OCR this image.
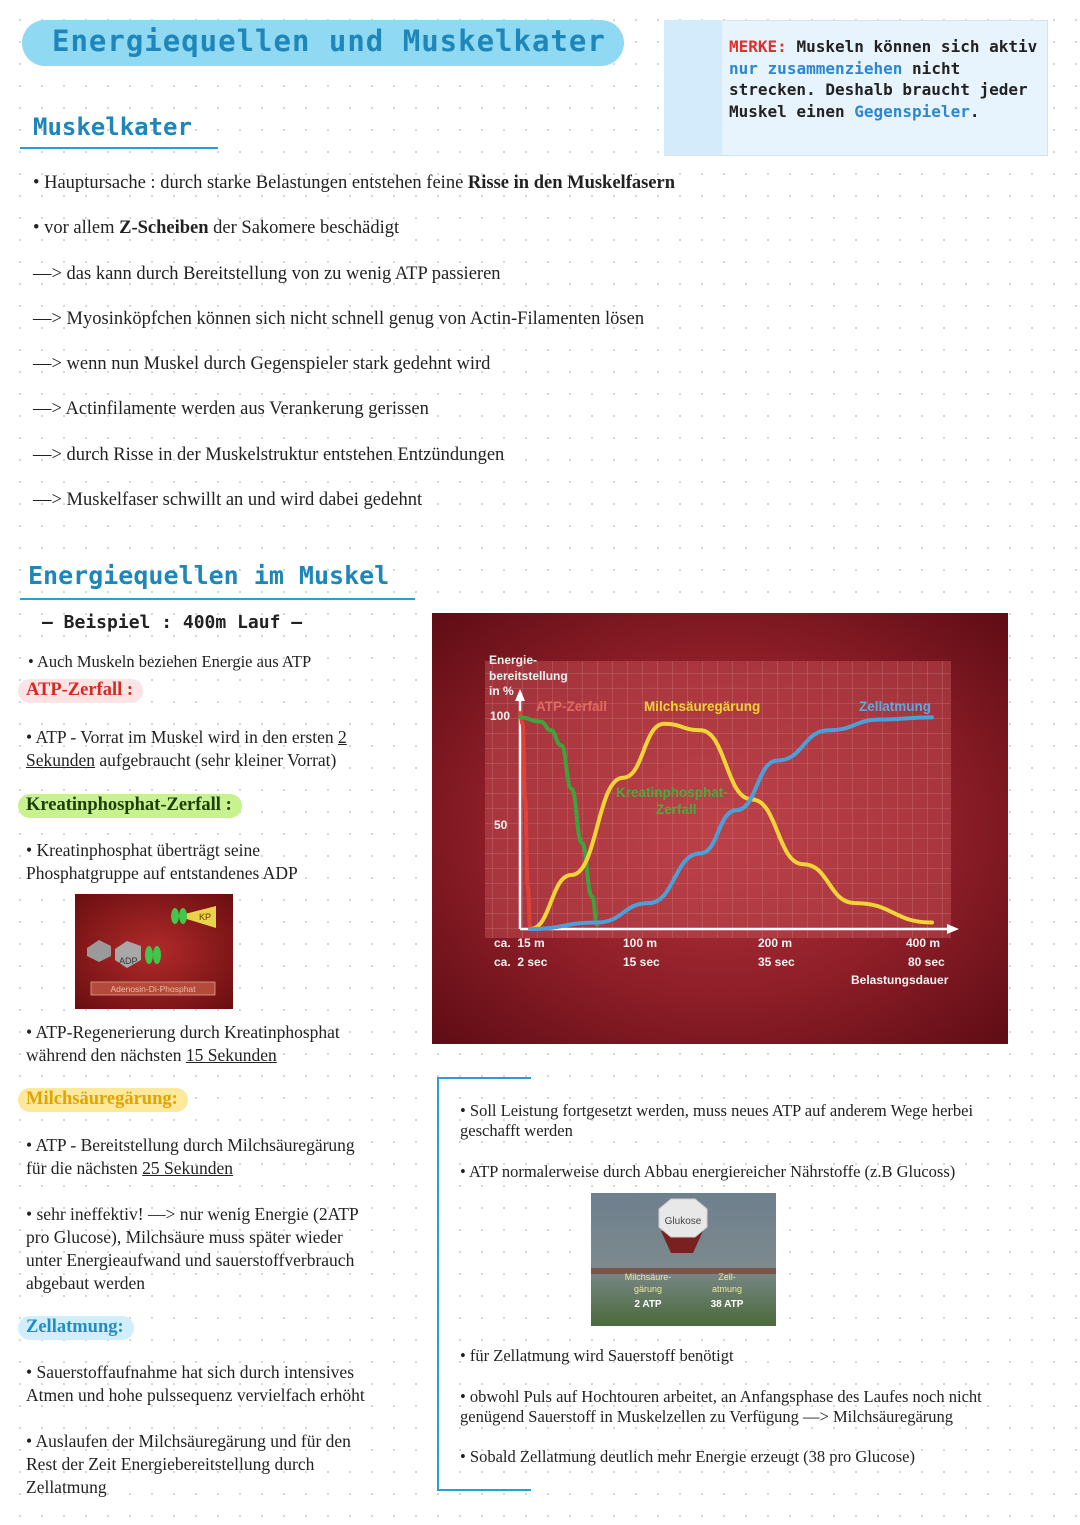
Energiequellen und Muskelkater	MERKE: Muskeln können sich aktiv nur zusammenziehen nicht strecken. Deshalb braucht jeder Muskel einen Gegenspieler.
Muskelkater
• Hauptursache : durch starke Belastungen entstehen feine Risse in den Muskelfasern
• vor allem Z-Scheiben der Sakomere beschädigt
—> das kann durch Bereitstellung von zu wenig ATP passieren
—> Myosinköpfchen können sich nicht schnell genug von Actin-Filamenten lösen
—> wenn nun Muskel durch Gegenspieler stark gedehnt wird
—> Actinfilamente werden aus Verankerung gerissen
—> durch Risse in der Muskelstruktur entstehen Entzündungen
—> Muskelfaser schwillt an und wird dabei gedehnt
Energiequellen im Muskel
— Beispiel : 400m Lauf —
• Auch Muskeln beziehen Energie aus ATP
ATP-Zerfall :
• ATP - Vorrat im Muskel wird in den ersten 2
Sekunden aufgebraucht (sehr kleiner Vorrat)
Kreatinphosphat-Zerfall :
• Kreatinphosphat überträgt seine
Phosphatgruppe auf entstandenes ADP
KP
ADP
Adenosin-Di-Phosphat
• ATP-Regenerierung durch Kreatinphosphat
während den nächsten 15 Sekunden
Milchsäuregärung:
• ATP - Bereitstellung durch Milchsäuregärung
für die nächsten 25 Sekunden
• sehr ineffektiv! —> nur wenig Energie (2ATP
pro Glucose), Milchsäure muss später wieder
unter Energieaufwand und sauerstoffverbrauch
abgebaut werden
Zellatmung:
• Sauerstoffaufnahme hat sich durch intensives
Atmen und hohe pulssequenz vervielfach erhöht
• Auslaufen der Milchsäuregärung und für den
Rest der Zeit Energiebereitstellung durch
Zellatmung
Energie-
bereitstellung
in %
100
50
ca.  15 m
ca.  2 sec
100 m
15 sec
200 m
35 sec
400 m
80 sec
Belastungsdauer
ATP-Zerfall	Milchsäuregärung	Zellatmung
Kreatinphosphat-
Zerfall
• Soll Leistung fortgesetzt werden, muss neues ATP auf anderem Wege herbei
geschafft werden
• ATP normalerweise durch Abbau energiereicher Nährstoffe (z.B Glucoss)
Glukose
Milchsäure-
gärung
2 ATP
Zell-
atmung
38 ATP
• für Zellatmung wird Sauerstoff benötigt
• obwohl Puls auf Hochtouren arbeitet, an Anfangsphase des Laufes noch nicht
genügend Sauerstoff in Muskelzellen zu Verfügung —> Milchsäuregärung
• Sobald Zellatmung deutlich mehr Energie erzeugt (38 pro Glucose)
